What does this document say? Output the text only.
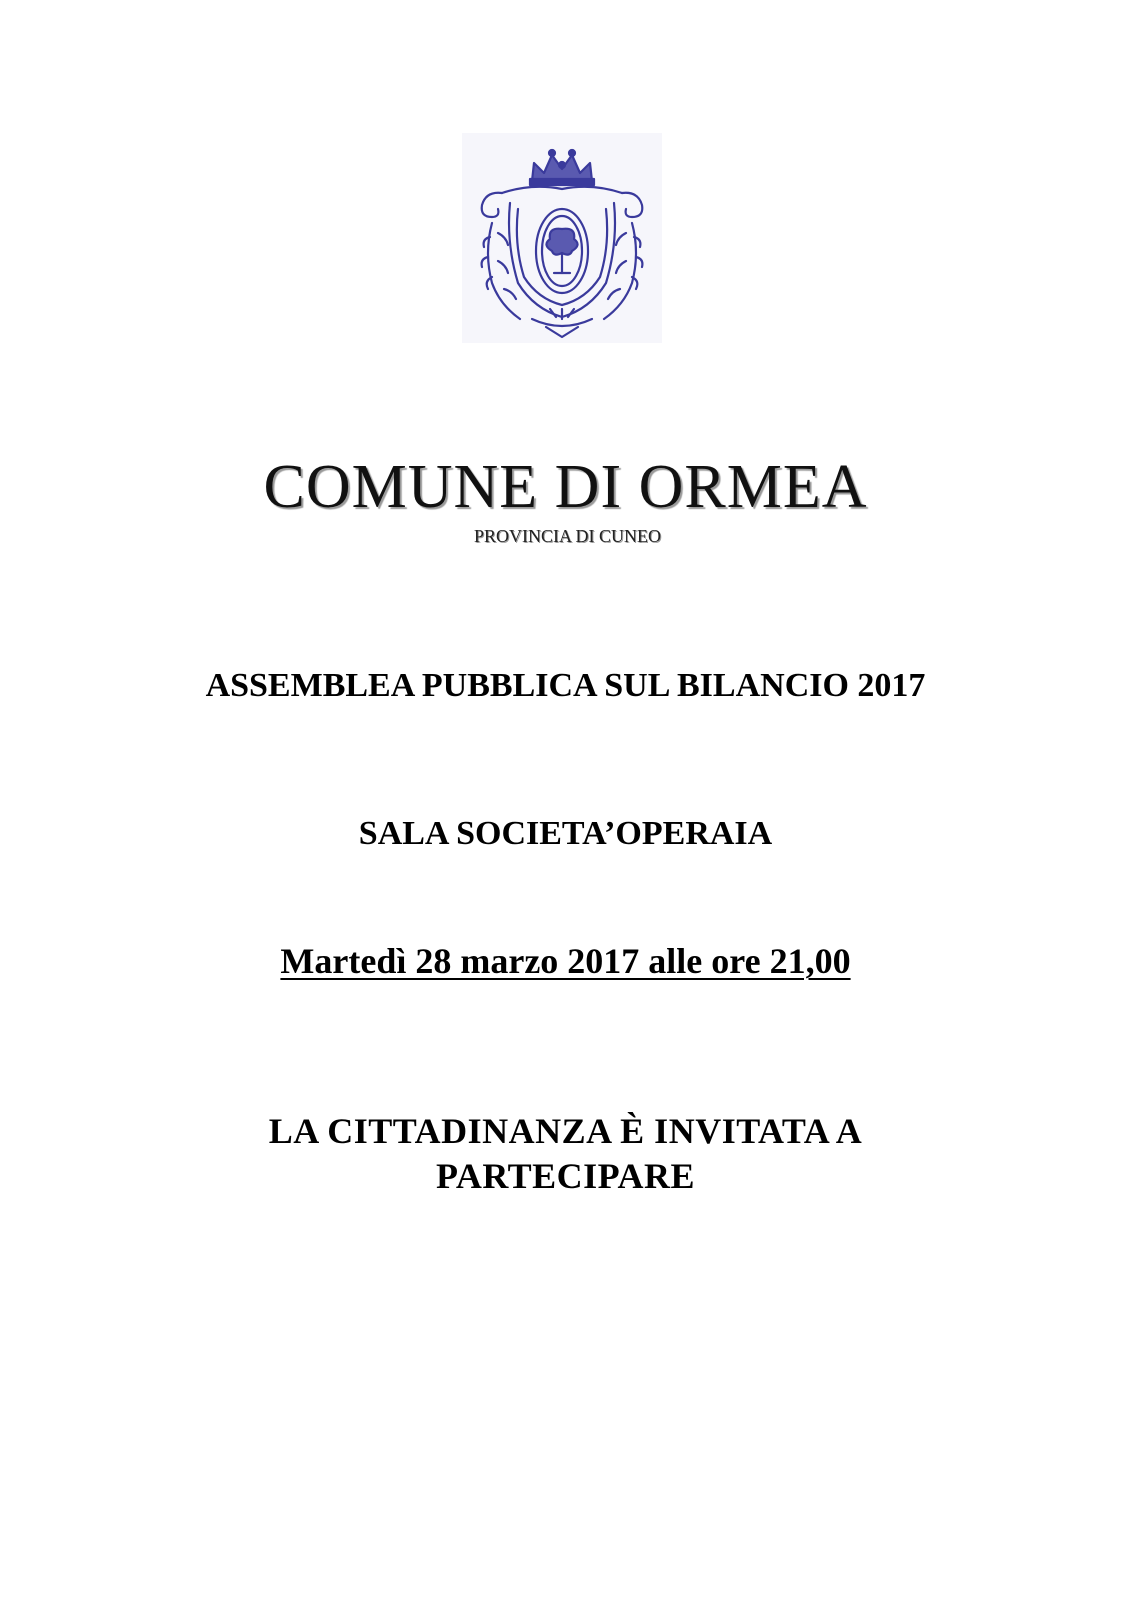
COMUNE DI ORMEA
PROVINCIA DI CUNEO
ASSEMBLEA PUBBLICA SUL BILANCIO 2017
SALA SOCIETA’OPERAIA
Martedì 28 marzo 2017 alle ore 21,00
LA CITTADINANZA È INVITATA A
PARTECIPARE
